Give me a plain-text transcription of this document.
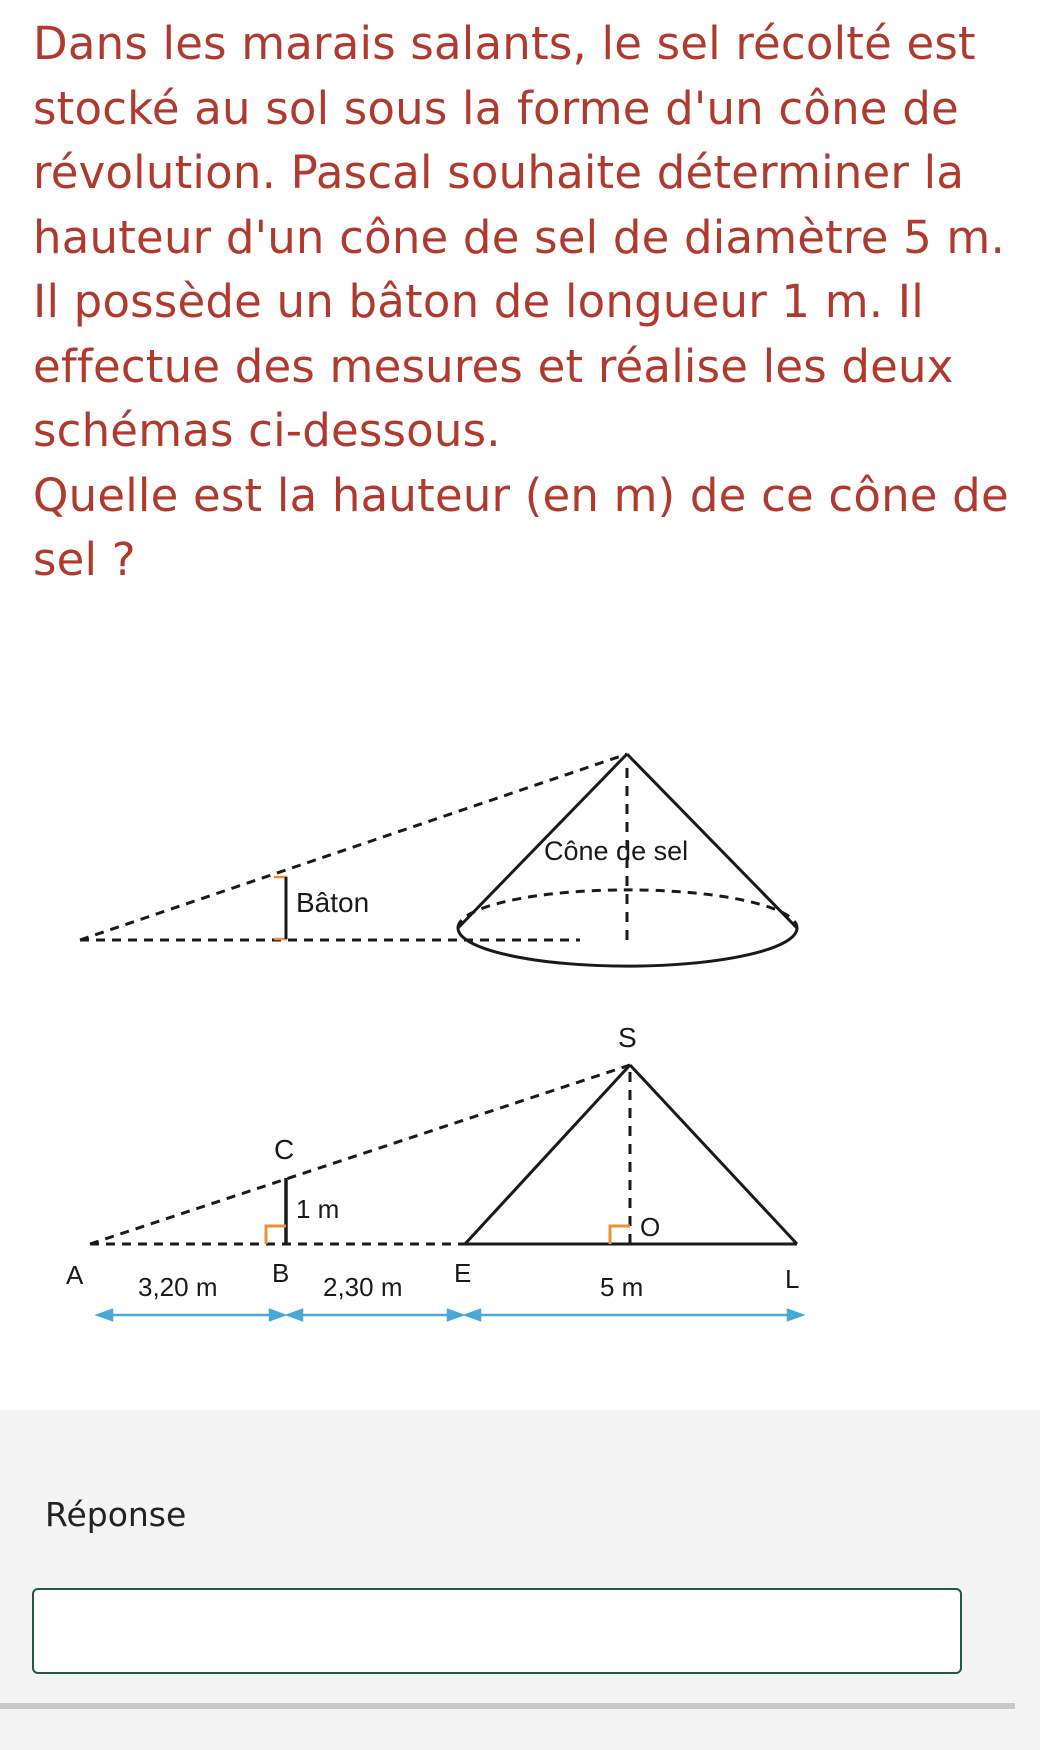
Dans les marais salants, le sel récolté est stocké au sol sous la forme d'un cône de révolution. Pascal souhaite déterminer la hauteur d'un cône de sel de diamètre 5 m. Il possède un bâton de longueur 1 m. Il effectue des mesures et réalise les deux schémas ci-dessous.
Quelle est la hauteur (en m) de ce cône de sel ?
Bâton
Cône de sel
S
C
A	B	E	L
O
1 m
3,20 m	2,30 m	5 m

Réponse
